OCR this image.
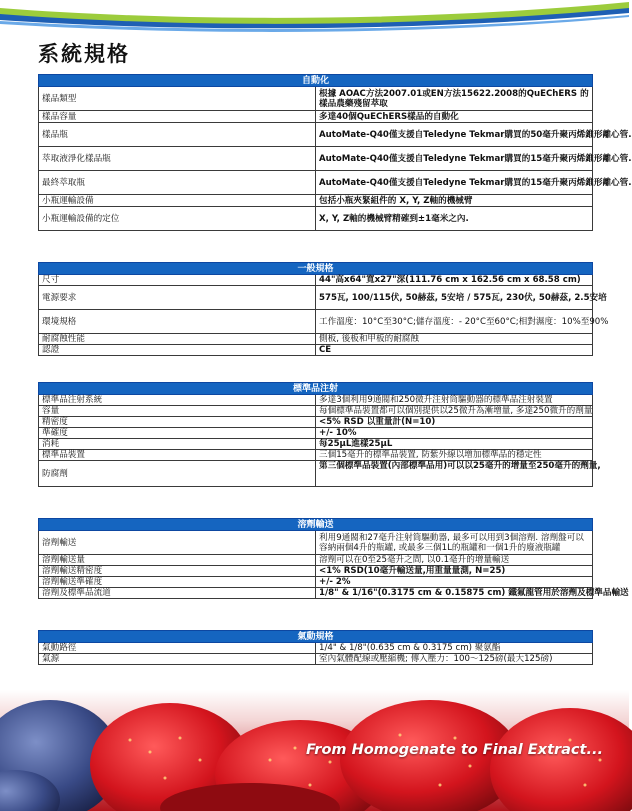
系統規格
自動化	
樣品類型	根據 AOAC方法2007.01或EN方法15622.2008的QuEChERS 的樣品農藥殘留萃取
樣品容量	多達40個QuEChERS樣品的自動化
樣品瓶	AutoMate-Q40僅支援自Teledyne Tekmar購買的50毫升聚丙烯錐形離心管.
萃取液淨化樣品瓶	AutoMate-Q40僅支援自Teledyne Tekmar購買的15毫升聚丙烯錐形離心管.
最終萃取瓶	AutoMate-Q40僅支援自Teledyne Tekmar購買的15毫升聚丙烯錐形離心管.
小瓶運輸設備	包括小瓶夾緊組件的 X, Y, Z軸的機械臂
小瓶運輸設備的定位	X, Y, Z軸的機械臂精確到±1毫米之內.
一般規格	
尺寸	44"高x64"寬x27"深(111.76 cm x 162.56 cm x 68.58 cm)
電源要求	575瓦, 100/115伏, 50赫茲, 5安培 / 575瓦, 230伏, 50赫茲, 2.5安培
環境規格	工作溫度：10°C至30°C;儲存溫度：- 20°C至60°C;相對濕度：10%至90%
耐腐蝕性能	側板, 後板和甲板的耐腐蝕
認證	CE
標準品注射	
標準品注射系統	多達3個利用9通閥和250微升注射筒驅動器的標準品注射裝置
容量	每個標準品裝置都可以個別提供以25微升為漸增量, 多達250微升的劑量
精密度	<5% RSD 以重量計(N=10)
準確度	+/- 10%
消耗	每25μL進樣25μL
標準品裝置	三個15毫升的標準品裝置, 防紫外線以增加標準品的穩定性
防腐劑	第三個標準品裝置(內部標準品用)可以以25毫升的增量至250毫升的劑量,
溶劑輸送	
溶劑輸送	利用9通閥和27毫升注射筒驅動器, 最多可以用到3個溶劑. 溶劑盤可以容納兩個4升的瓶罐, 或最多三個1L的瓶罐和一個1升的廢液瓶罐
溶劑輸送量	溶劑可以在0至25毫升之間, 以0.1毫升的增量輸送
溶劑輸送精密度	<1% RSD(10毫升輸送量,用重量量測, N=25)
溶劑輸送準確度	+/- 2%
溶劑及標準品流道	1/8" & 1/16"(0.3175 cm & 0.15875 cm) 鐵氟龍管用於溶劑及標準品輸送
氣動規格	
氣動路徑	1/4" & 1/8"(0.635 cm & 0.3175 cm) 聚氨酯
氣源	室內氣體配線或壓縮機; 傳入壓力：100～125磅(最大125磅)

From Homogenate to Final Extract...
